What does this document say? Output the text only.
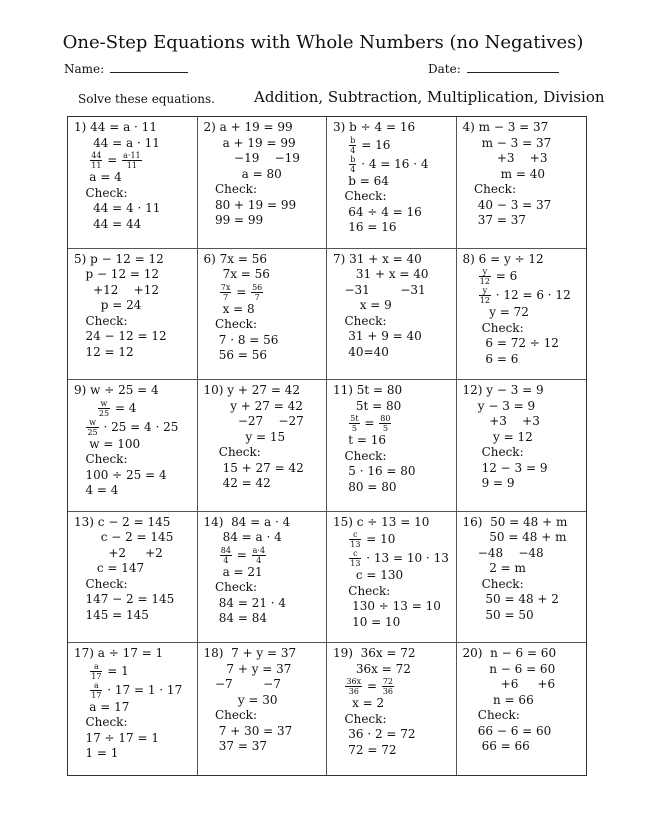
One-Step Equations with Whole Numbers (no Negatives)
Name:	Date:
Solve these equations.	Addition, Subtraction, Multiplication, Division
1) 44 = a · 11
44 = a · 11

$\frac{44}{11} = \frac{a\cdot 11}{11}$
a = 4
Check:
44 = 4 · 11
44 = 44
2) a + 19 = 99
a + 19 = 99
−19    −19
a = 80
Check:
80 + 19 = 99
99 = 99
3) b ÷ 4 = 16

$\frac{b}{4} = 16$

$\frac{b}{4} \cdot 4 = 16 \cdot 4$
b = 64
Check:
64 ÷ 4 = 16
16 = 16
4) m − 3 = 37
m − 3 = 37
+3    +3
m = 40
Check:
40 − 3 = 37
37 = 37
5) p − 12 = 12
p − 12 = 12
+12    +12
p = 24
Check:
24 − 12 = 12
12 = 12
6) 7x = 56
7x = 56

$\frac{7x}{7} = \frac{56}{7}$
x = 8
Check:
7 · 8 = 56
56 = 56
7) 31 + x = 40
31 + x = 40
−31        −31
x = 9
Check:
31 + 9 = 40
40=40
8) 6 = y ÷ 12

$\frac{y}{12} = 6$

$\frac{y}{12} \cdot 12 = 6 \cdot 12$
y = 72
Check:
6 = 72 ÷ 12
6 = 6
9) w ÷ 25 = 4

$\frac{w}{25} = 4$

$\frac{w}{25} \cdot 25 = 4 \cdot 25$
w = 100
Check:
100 ÷ 25 = 4
4 = 4
10) y + 27 = 42
y + 27 = 42
−27    −27
y = 15
Check:
15 + 27 = 42
42 = 42
11) 5t = 80
5t = 80

$\frac{5t}{5} = \frac{80}{5}$
t = 16
Check:
5 · 16 = 80
80 = 80
12) y − 3 = 9
y − 3 = 9
+3    +3
y = 12
Check:
12 − 3 = 9
9 = 9
13) c − 2 = 145
c − 2 = 145
+2     +2
c = 147
Check:
147 − 2 = 145
145 = 145
14)  84 = a · 4
84 = a · 4

$\frac{84}{4} = \frac{a\cdot 4}{4}$
a = 21
Check:
84 = 21 · 4
84 = 84
15) c ÷ 13 = 10

$\frac{c}{13} = 10$

$\frac{c}{13} \cdot 13 = 10 \cdot 13$
c = 130
Check:
130 ÷ 13 = 10
10 = 10
16)  50 = 48 + m
50 = 48 + m
−48    −48
2 = m
Check:
50 = 48 + 2
50 = 50
17) a ÷ 17 = 1

$\frac{a}{17} = 1$

$\frac{a}{17} \cdot 17 = 1 \cdot 17$
a = 17
Check:
17 ÷ 17 = 1
1 = 1
18)  7 + y = 37
7 + y = 37
−7        −7
y = 30
Check:
7 + 30 = 37
37 = 37
19)  36x = 72
36x = 72

$\frac{36x}{36} = \frac{72}{36}$
x = 2
Check:
36 · 2 = 72
72 = 72
20)  n − 6 = 60
n − 6 = 60
+6     +6
n = 66
Check:
66 − 6 = 60
66 = 66
